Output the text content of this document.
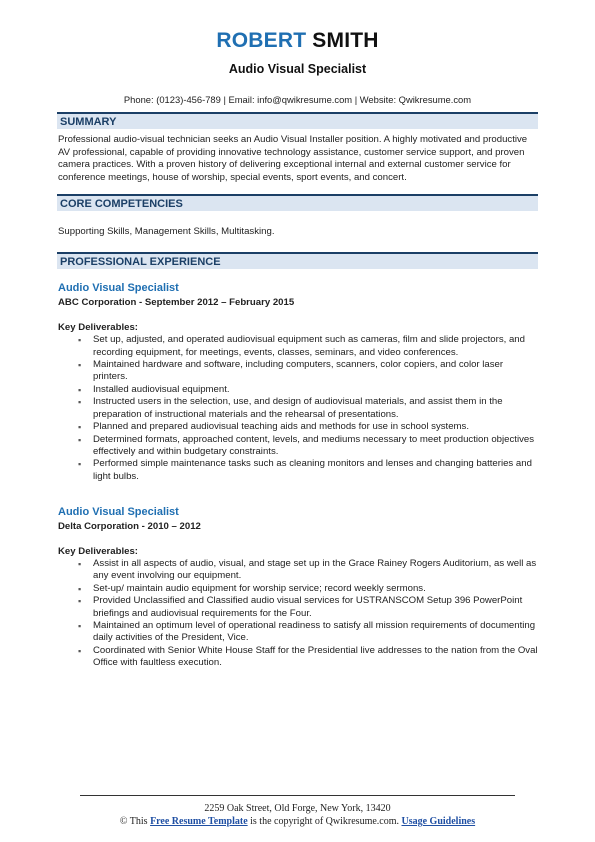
ROBERT SMITH
Audio Visual Specialist
Phone: (0123)-456-789 | Email: info@qwikresume.com | Website: Qwikresume.com
SUMMARY

Professional audio-visual technician seeks an Audio Visual Installer position. A highly motivated and productive AV professional, capable of providing innovative technology assistance, customer service support, and proven camera practices. With a proven history of delivering exceptional internal and external customer service for conference meetings, house of worship, special events, sport events, and concert.

CORE COMPETENCIES

Supporting Skills, Management Skills, Multitasking.

PROFESSIONAL EXPERIENCE
Audio Visual Specialist
ABC Corporation - September 2012 – February 2015
Key Deliverables:
▪ Set up, adjusted, and operated audiovisual equipment such as cameras, film and slide projectors, and recording equipment, for meetings, events, classes, seminars, and video conferences.
▪ Maintained hardware and software, including computers, scanners, color copiers, and color laser printers.
▪ Installed audiovisual equipment.
▪ Instructed users in the selection, use, and design of audiovisual materials, and assist them in the preparation of instructional materials and the rehearsal of presentations.
▪ Planned and prepared audiovisual teaching aids and methods for use in school systems.
▪ Determined formats, approached content, levels, and mediums necessary to meet production objectives effectively and within budgetary constraints.
▪ Performed simple maintenance tasks such as cleaning monitors and lenses and changing batteries and light bulbs.
Audio Visual Specialist
Delta Corporation - 2010 – 2012
Key Deliverables:
▪ Assist in all aspects of audio, visual, and stage set up in the Grace Rainey Rogers Auditorium, as well as any event involving our equipment.
▪ Set-up/ maintain audio equipment for worship service; record weekly sermons.
▪ Provided Unclassified and Classified audio visual services for USTRANSCOM Setup 396 PowerPoint briefings and audiovisual requirements for the Four.
▪ Maintained an optimum level of operational readiness to satisfy all mission requirements of documenting daily activities of the President, Vice.
▪ Coordinated with Senior White House Staff for the Presidential live addresses to the nation from the Oval Office with faultless execution.
2259 Oak Street, Old Forge, New York, 13420
© This Free Resume Template is the copyright of Qwikresume.com. Usage Guidelines
